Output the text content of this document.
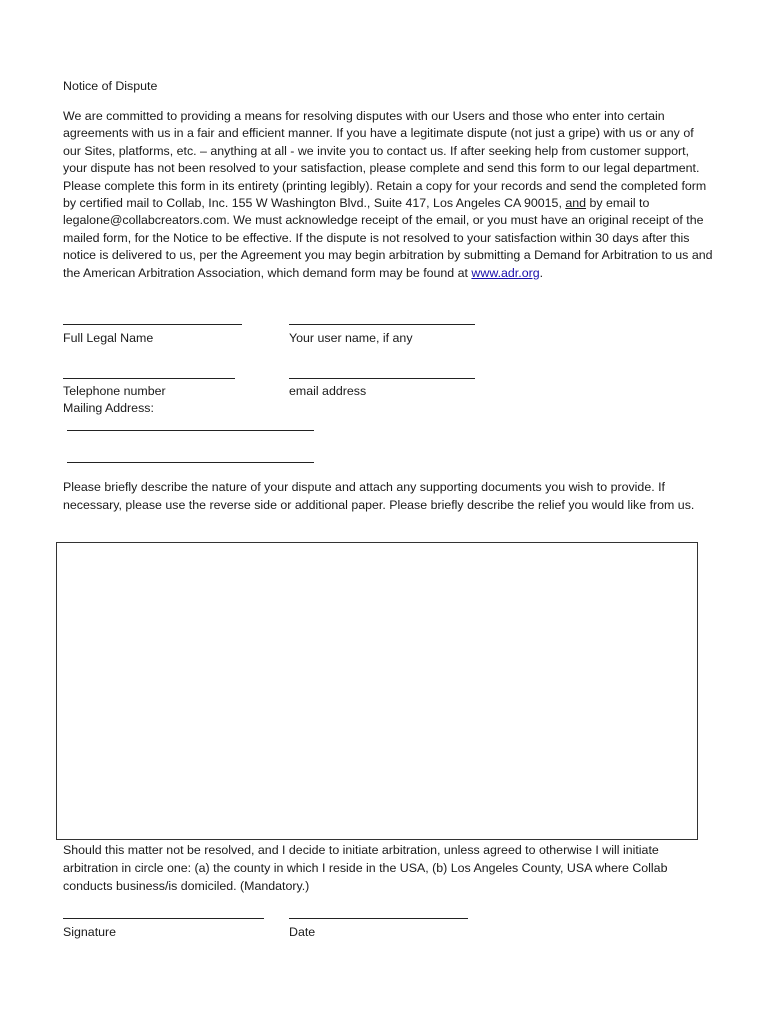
Notice of Dispute
We are committed to providing a means for resolving disputes with our Users and those who enter into certain agreements with us in a fair and efficient manner. If you have a legitimate dispute (not just a gripe) with us or any of our Sites, platforms, etc. – anything at all - we invite you to contact us. If after seeking help from customer support, your dispute has not been resolved to your satisfaction, please complete and send this form to our legal department. Please complete this form in its entirety (printing legibly). Retain a copy for your records and send the completed form by certified mail to Collab, Inc. 155 W Washington Blvd., Suite 417, Los Angeles CA 90015, and by email to legalone@collabcreators.com. We must acknowledge receipt of the email, or you must have an original receipt of the mailed form, for the Notice to be effective. If the dispute is not resolved to your satisfaction within 30 days after this notice is delivered to us, per the Agreement you may begin arbitration by submitting a Demand for Arbitration to us and the American Arbitration Association, which demand form may be found at www.adr.org.
Full Legal Name	Your user name, if any
Telephone number	email address
Mailing Address:
Please briefly describe the nature of your dispute and attach any supporting documents you wish to provide. If necessary, please use the reverse side or additional paper. Please briefly describe the relief you would like from us.
Should this matter not be resolved, and I decide to initiate arbitration, unless agreed to otherwise I will initiate arbitration in circle one: (a) the county in which I reside in the USA, (b) Los Angeles County, USA where Collab conducts business/is domiciled. (Mandatory.)
Signature	Date
